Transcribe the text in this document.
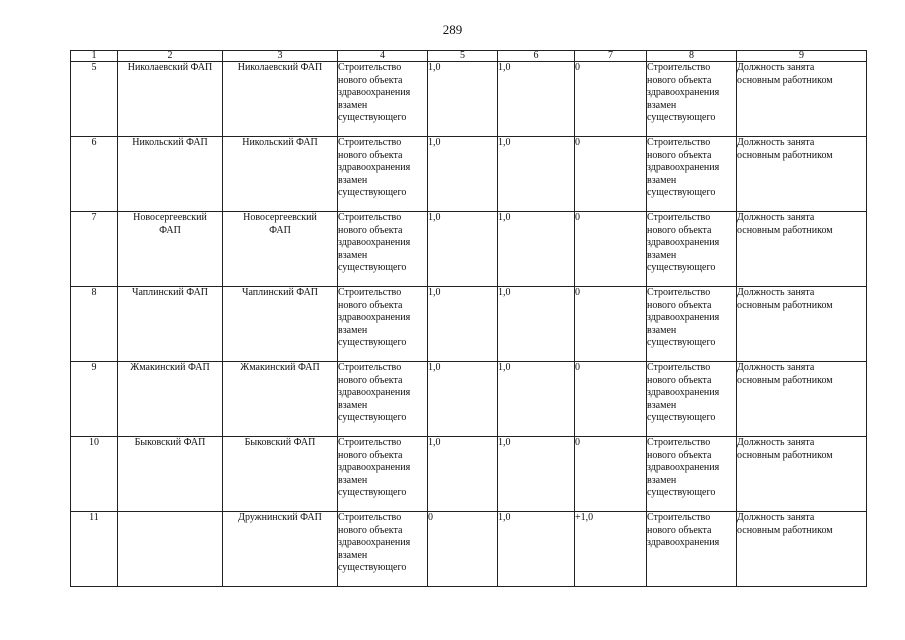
289
1	2	3	4	5	6	7	8	9
5	Николаевский ФАП	Николаевский ФАП	Строительство
нового объекта
здравоохранения
взамен
существующего	1,0	1,0	0	Строительство
нового объекта
здравоохранения
взамен
существующего	Должность занята
основным работником

6	Никольский ФАП	Никольский ФАП	Строительство
нового объекта
здравоохранения
взамен
существующего	1,0	1,0	0	Строительство
нового объекта
здравоохранения
взамен
существующего	Должность занята
основным работником

7	Новосергеевский
ФАП	Новосергеевский
ФАП	Строительство
нового объекта
здравоохранения
взамен
существующего	1,0	1,0	0	Строительство
нового объекта
здравоохранения
взамен
существующего	Должность занята
основным работником

8	Чаплинский ФАП	Чаплинский ФАП	Строительство
нового объекта
здравоохранения
взамен
существующего	1,0	1,0	0	Строительство
нового объекта
здравоохранения
взамен
существующего	Должность занята
основным работником

9	Жмакинский ФАП	Жмакинский ФАП	Строительство
нового объекта
здравоохранения
взамен
существующего	1,0	1,0	0	Строительство
нового объекта
здравоохранения
взамен
существующего	Должность занята
основным работником

10	Быковский ФАП	Быковский ФАП	Строительство
нового объекта
здравоохранения
взамен
существующего	1,0	1,0	0	Строительство
нового объекта
здравоохранения
взамен
существующего	Должность занята
основным работником

11		Дружнинский ФАП	Строительство
нового объекта
здравоохранения
взамен
существующего	0	1,0	+1,0	Строительство
нового объекта
здравоохранения	Должность занята
основным работником
